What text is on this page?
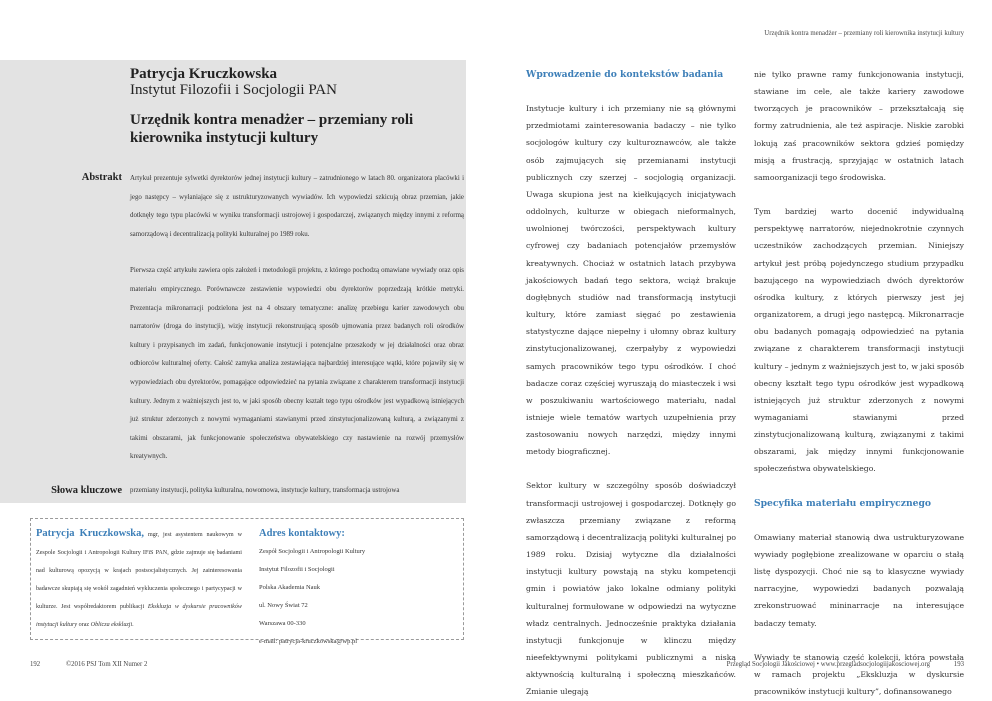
Patrycja Kruczkowska
Instytut Filozofii i Socjologii PAN
Urzędnik kontra menadżer – przemiany roli kierownika instytucji kultury
Abstrakt Artykuł prezentuje sylwetki dyrektorów jednej instytucji kultury – zatrudnionego w latach 80. organizatora placówki i jego następcy – wyłaniające się z ustrukturyzowanych wywiadów. Ich wypowiedzi szkicują obraz przemian, jakie dotknęły tego typu placówki w wyniku transformacji ustrojowej i gospodarczej, związanych między innymi z reformą samorządową i decentralizacją polityki kulturalnej po 1989 roku.

Pierwsza część artykułu zawiera opis założeń i metodologii projektu, z którego pochodzą omawiane wywiady oraz opis materiału empirycznego. Porównawcze zestawienie wypowiedzi obu dyrektorów poprzedzają krótkie metryki. Prezentacja mikronarracji podzielona jest na 4 obszary tematyczne: analizę przebiegu karier zawodowych obu narratorów (droga do instytucji), wizję instytucji rekonstruującą sposób ujmowania przez badanych roli ośrodków kultury i przypisanych im zadań, funkcjonowanie instytucji i potencjalne przeszkody w jej działalności oraz obraz odbiorców kulturalnej oferty. Całość zamyka analiza zestawiająca najbardziej interesujące wątki, które pojawiły się w wypowiedziach obu dyrektorów, pomagające odpowiedzieć na pytania związane z charakterem transformacji instytucji kultury. Jednym z ważniejszych jest to, w jaki sposób obecny kształt tego typu ośrodków jest wypadkową istniejących już struktur zderzonych z nowymi wymaganiami stawianymi przed zinstytucjonalizowaną kulturą, a związanymi z takimi obszarami, jak funkcjonowanie społeczeństwa obywatelskiego czy nastawienie na rozwój przemysłów kreatywnych.

Słowa kluczowe przemiany instytucji, polityka kulturalna, nowomowa, instytucje kultury, transformacja ustrojowa
Patrycja Kruczkowska, mgr, jest asystentem naukowym w Zespole Socjologii i Antropologii Kultury IFiS PAN, gdzie zajmuje się badaniami nad kulturową opozycją w krajach postsocjalistycznych. Jej zainteresowania badawcze skupiają się wokół zagadnień wykluczenia społecznego i partycypacji w kulturze. Jest współredaktorem publikacji Ekskluzja w dyskursie pracowników instytucji kultury oraz Oblicza ekskluzji.
Adres kontaktowy:
Zespół Socjologii i Antropologii Kultury
Instytut Filozofii i Socjologii
Polska Akademia Nauk
ul. Nowy Świat 72
Warszawa 00-330
e-mail: patrycja-kruczkowska@wp.pl
192	©2016 PSJ Tom XII Numer 2
Urzędnik kontra menadżer – przemiany roli kierownika instytucji kultury
Wprowadzenie do kontekstów badania

Instytucje kultury i ich przemiany nie są głównymi przedmiotami zainteresowania badaczy – nie tylko socjologów kultury czy kulturoznawców, ale także osób zajmujących się przemianami instytucji publicznych czy szerzej – socjologią organizacji. Uwaga skupiona jest na kiełkujących inicjatywach oddolnych, kulturze w obiegach nieformalnych, uwolnionej twórczości, perspektywach kultury cyfrowej czy badaniach potencjałów przemysłów kreatywnych. Chociaż w ostatnich latach przybywa jakościowych badań tego sektora, wciąż brakuje dogłębnych studiów nad transformacją instytucji kultury, które zamiast sięgać po zestawienia statystyczne dające niepełny i ułomny obraz kultury zinstytucjonalizowanej, czerpałyby z wypowiedzi samych pracowników tego typu ośrodków. I choć badacze coraz częściej wyruszają do miasteczek i wsi w poszukiwaniu wartościowego materiału, nadal istnieje wiele tematów wartych uzupełnienia przy zastosowaniu nowych narzędzi, między innymi metody biograficznej.

Sektor kultury w szczególny sposób doświadczył transformacji ustrojowej i gospodarczej. Dotknęły go zwłaszcza przemiany związane z reformą samorządową i decentralizacją polityki kulturalnej po 1989 roku. Dzisiaj wytyczne dla działalności instytucji kultury powstają na styku kompetencji gmin i powiatów jako lokalne odmiany polityki kulturalnej formułowane w odpowiedzi na wytyczne władz centralnych. Jednocześnie praktyka działania instytucji funkcjonuje w klinczu między nieefektywnymi politykami publicznymi a niską aktywnością kulturalną i społeczną mieszkańców. Zmianie ulegają

nie tylko prawne ramy funkcjonowania instytucji, stawiane im cele, ale także kariery zawodowe tworzących je pracowników – przekształcają się formy zatrudnienia, ale też aspiracje. Niskie zarobki lokują zaś pracowników sektora gdzieś pomiędzy misją a frustracją, sprzyjając w ostatnich latach samoorganizacji tego środowiska.

Tym bardziej warto docenić indywidualną perspektywę narratorów, niejednokrotnie czynnych uczestników zachodzących przemian. Niniejszy artykuł jest próbą pojedynczego studium przypadku bazującego na wypowiedziach dwóch dyrektorów ośrodka kultury, z których pierwszy jest jej organizatorem, a drugi jego następcą. Mikronarracje obu badanych pomagają odpowiedzieć na pytania związane z charakterem transformacji instytucji kultury – jednym z ważniejszych jest to, w jaki sposób obecny kształt tego typu ośrodków jest wypadkową istniejących już struktur zderzonych z nowymi wymaganiami stawianymi przed zinstytucjonalizowaną kulturą, związanymi z takimi obszarami, jak między innymi funkcjonowanie społeczeństwa obywatelskiego.

Specyfika materiału empirycznego

Omawiany materiał stanowią dwa ustrukturyzowane wywiady pogłębione zrealizowane w oparciu o stałą listę dyspozycji. Choć nie są to klasyczne wywiady narracyjne, wypowiedzi badanych pozwalają zrekonstruować mininarracje na interesujące badaczy tematy.

Wywiady te stanowią część kolekcji, która powstała w ramach projektu „Ekskluzja w dyskursie pracowników instytucji kultury”, dofinansowanego

Przegląd Socjologii Jakościowej • www.przegladsocjologiijakosciowej.org	193
